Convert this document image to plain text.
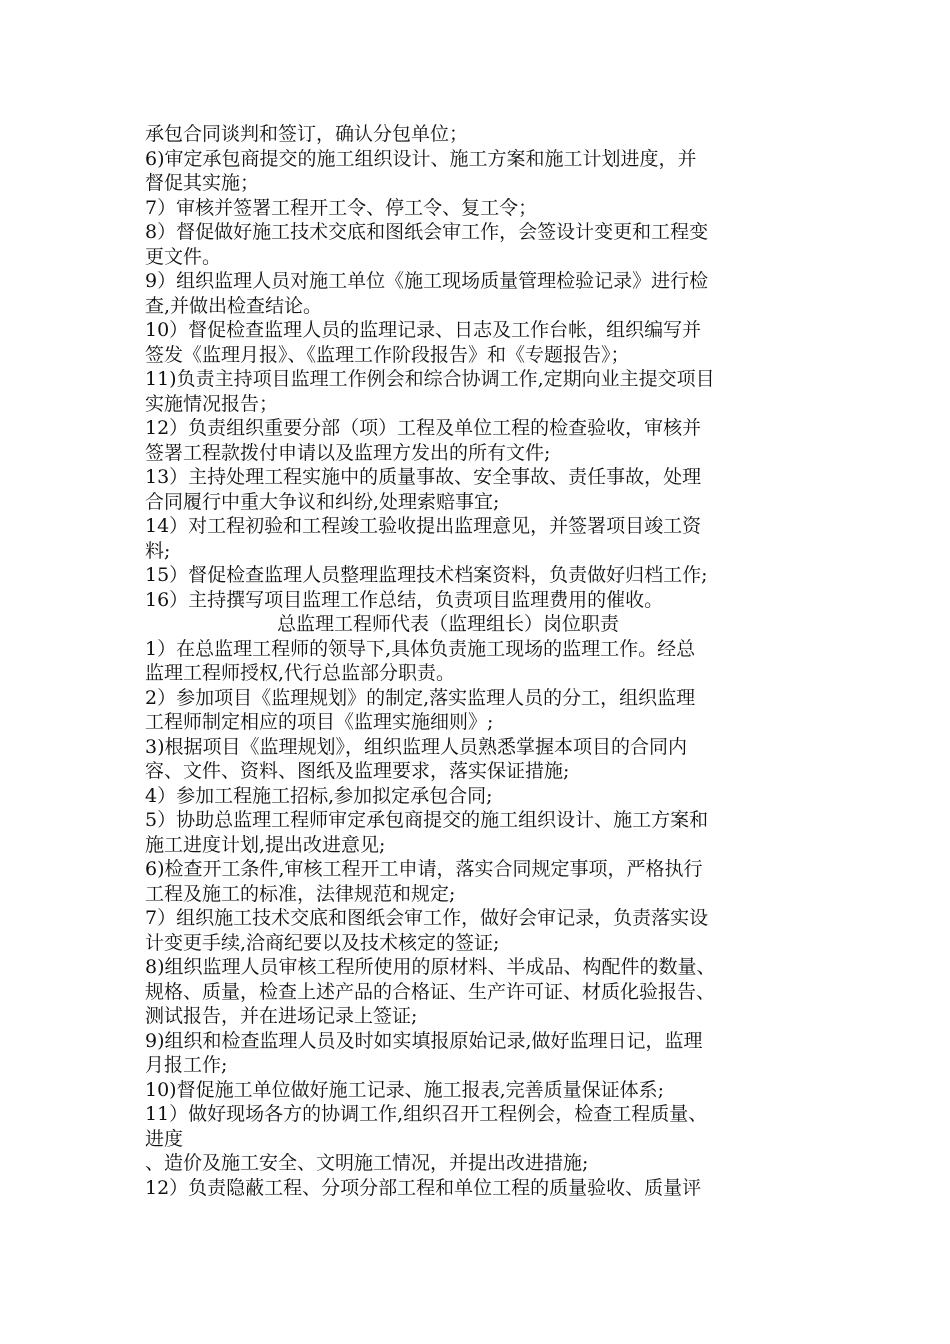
承包合同谈判和签订，确认分包单位；

6)审定承包商提交的施工组织设计、施工方案和施工计划进度，并

督促其实施；

7）审核并签署工程开工令、停工令、复工令；

8）督促做好施工技术交底和图纸会审工作，会签设计变更和工程变

更文件。

9）组织监理人员对施工单位《施工现场质量管理检验记录》进行检

查,并做出检查结论。

10）督促检查监理人员的监理记录、日志及工作台帐，组织编写并

签发《监理月报》、《监理工作阶段报告》和《专题报告》；

11)负责主持项目监理工作例会和综合协调工作,定期向业主提交项目

实施情况报告；

12）负责组织重要分部（项）工程及单位工程的检查验收，审核并

签署工程款拨付申请以及监理方发出的所有文件;

13）主持处理工程实施中的质量事故、安全事故、责任事故，处理

合同履行中重大争议和纠纷,处理索赔事宜;

14）对工程初验和工程竣工验收提出监理意见，并签署项目竣工资

料;

15）督促检查监理人员整理监理技术档案资料，负责做好归档工作;

16）主持撰写项目监理工作总结，负责项目监理费用的催收。

总监理工程师代表（监理组长）岗位职责

1）在总监理工程师的领导下,具体负责施工现场的监理工作。经总

监理工程师授权,代行总监部分职责。

2）参加项目《监理规划》的制定,落实监理人员的分工，组织监理

工程师制定相应的项目《监理实施细则》;

3)根据项目《监理规划》，组织监理人员熟悉掌握本项目的合同内

容、文件、资料、图纸及监理要求，落实保证措施;

4）参加工程施工招标,参加拟定承包合同;

5）协助总监理工程师审定承包商提交的施工组织设计、施工方案和

施工进度计划,提出改进意见;

6)检查开工条件,审核工程开工申请，落实合同规定事项，严格执行

工程及施工的标准，法律规范和规定;

7）组织施工技术交底和图纸会审工作，做好会审记录，负责落实设

计变更手续,洽商纪要以及技术核定的签证;

8)组织监理人员审核工程所使用的原材料、半成品、构配件的数量、

规格、质量，检查上述产品的合格证、生产许可证、材质化验报告、

测试报告，并在进场记录上签证;

9)组织和检查监理人员及时如实填报原始记录,做好监理日记，监理

月报工作;

10)督促施工单位做好施工记录、施工报表,完善质量保证体系;

11）做好现场各方的协调工作,组织召开工程例会，检查工程质量、

进度

、造价及施工安全、文明施工情况，并提出改进措施;

12）负责隐蔽工程、分项分部工程和单位工程的质量验收、质量评
